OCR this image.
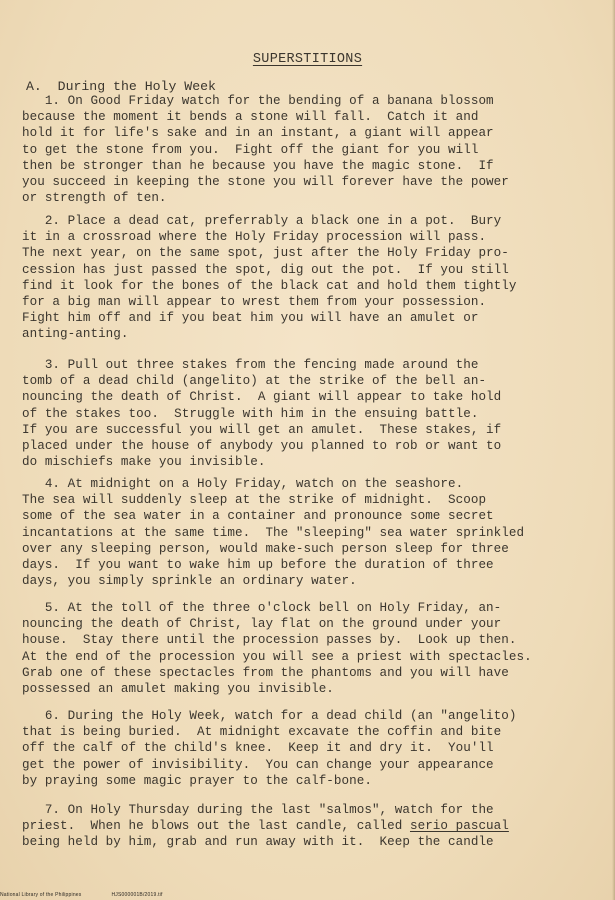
SUPERSTITIONS
A.  During the Holy Week
1. On Good Friday watch for the bending of a banana blossom
because the moment it bends a stone will fall.  Catch it and
hold it for life's sake and in an instant, a giant will appear
to get the stone from you.  Fight off the giant for you will
then be stronger than he because you have the magic stone.  If
you succeed in keeping the stone you will forever have the power
or strength of ten.
2. Place a dead cat, preferrably a black one in a pot.  Bury
it in a crossroad where the Holy Friday procession will pass.
The next year, on the same spot, just after the Holy Friday pro-
cession has just passed the spot, dig out the pot.  If you still
find it look for the bones of the black cat and hold them tightly
for a big man will appear to wrest them from your possession.
Fight him off and if you beat him you will have an amulet or
anting-anting.
3. Pull out three stakes from the fencing made around the
tomb of a dead child (angelito) at the strike of the bell an-
nouncing the death of Christ.  A giant will appear to take hold
of the stakes too.  Struggle with him in the ensuing battle.
If you are successful you will get an amulet.  These stakes, if
placed under the house of anybody you planned to rob or want to
do mischiefs make you invisible.
4. At midnight on a Holy Friday, watch on the seashore.
The sea will suddenly sleep at the strike of midnight.  Scoop
some of the sea water in a container and pronounce some secret
incantations at the same time.  The "sleeping" sea water sprinkled
over any sleeping person, would make-such person sleep for three
days.  If you want to wake him up before the duration of three
days, you simply sprinkle an ordinary water.
5. At the toll of the three o'clock bell on Holy Friday, an-
nouncing the death of Christ, lay flat on the ground under your
house.  Stay there until the procession passes by.  Look up then.
At the end of the procession you will see a priest with spectacles.
Grab one of these spectacles from the phantoms and you will have
possessed an amulet making you invisible.
6. During the Holy Week, watch for a dead child (an "angelito)
that is being buried.  At midnight excavate the coffin and bite
off the calf of the child's knee.  Keep it and dry it.  You'll
get the power of invisibility.  You can change your appearance
by praying some magic prayer to the calf-bone.
7. On Holy Thursday during the last "salmos", watch for the
priest.  When he blows out the last candle, called serio pascual
being held by him, grab and run away with it.  Keep the candle
National Library of the Philippines	HJS000001B/2019.tif
